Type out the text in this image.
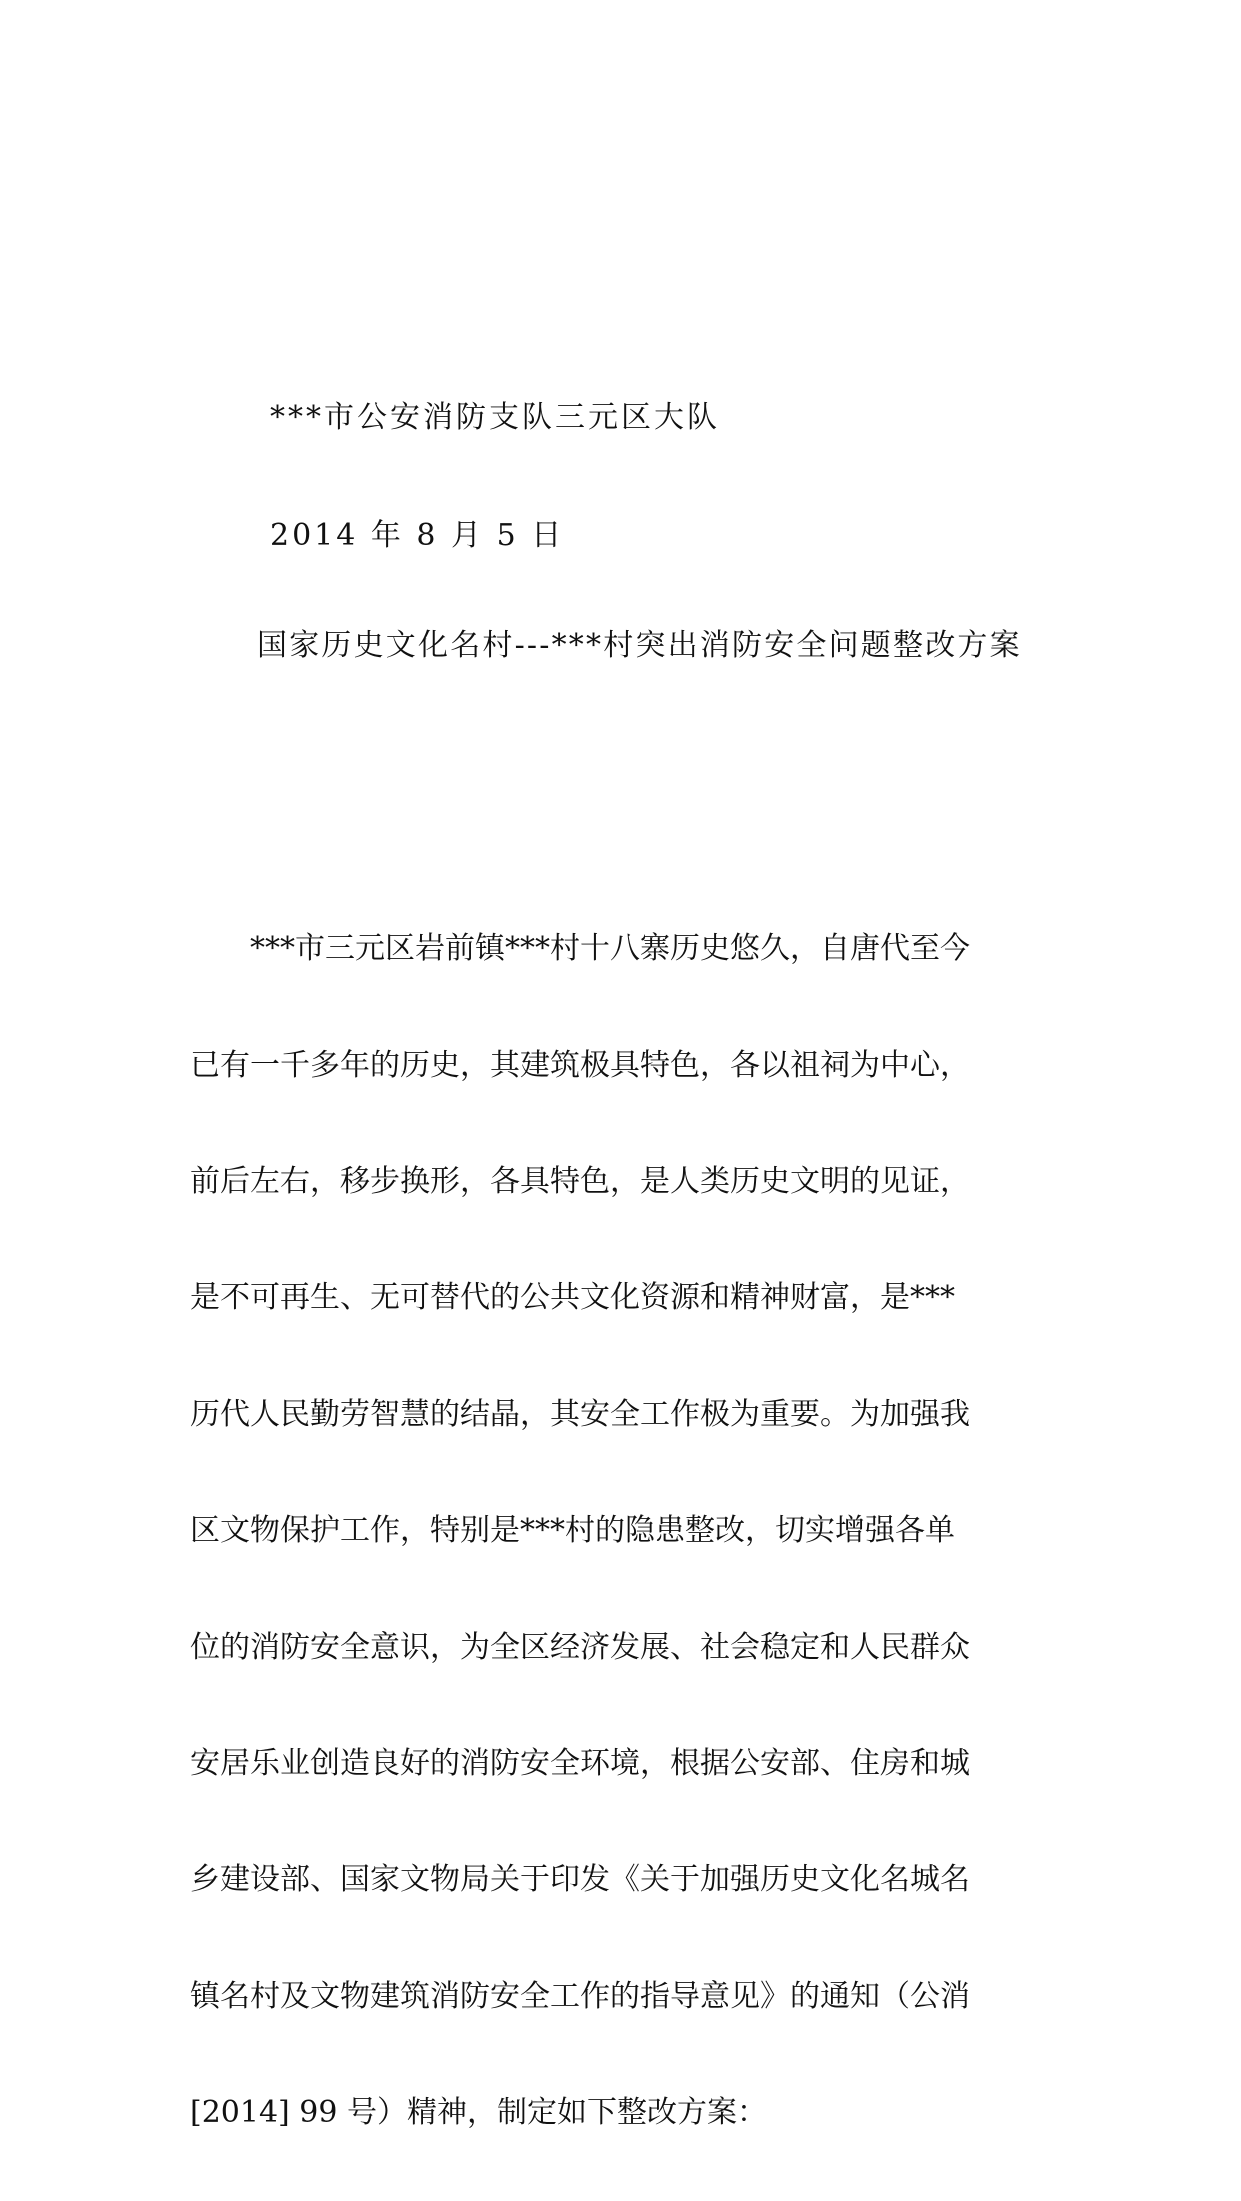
***市公安消防支队三元区大队
2014 年 8 月 5 日
国家历史文化名村---***村突出消防安全问题整改方案

***市三元区岩前镇***村十八寨历史悠久，自唐代至今

已有一千多年的历史，其建筑极具特色，各以祖祠为中心，

前后左右，移步换形，各具特色，是人类历史文明的见证，

是不可再生、无可替代的公共文化资源和精神财富，是***

历代人民勤劳智慧的结晶，其安全工作极为重要。为加强我

区文物保护工作，特别是***村的隐患整改，切实增强各单

位的消防安全意识，为全区经济发展、社会稳定和人民群众

安居乐业创造良好的消防安全环境，根据公安部、住房和城

乡建设部、国家文物局关于印发《关于加强历史文化名城名

镇名村及文物建筑消防安全工作的指导意见》的通知（公消

[2014] 99 号）精神，制定如下整改方案：
